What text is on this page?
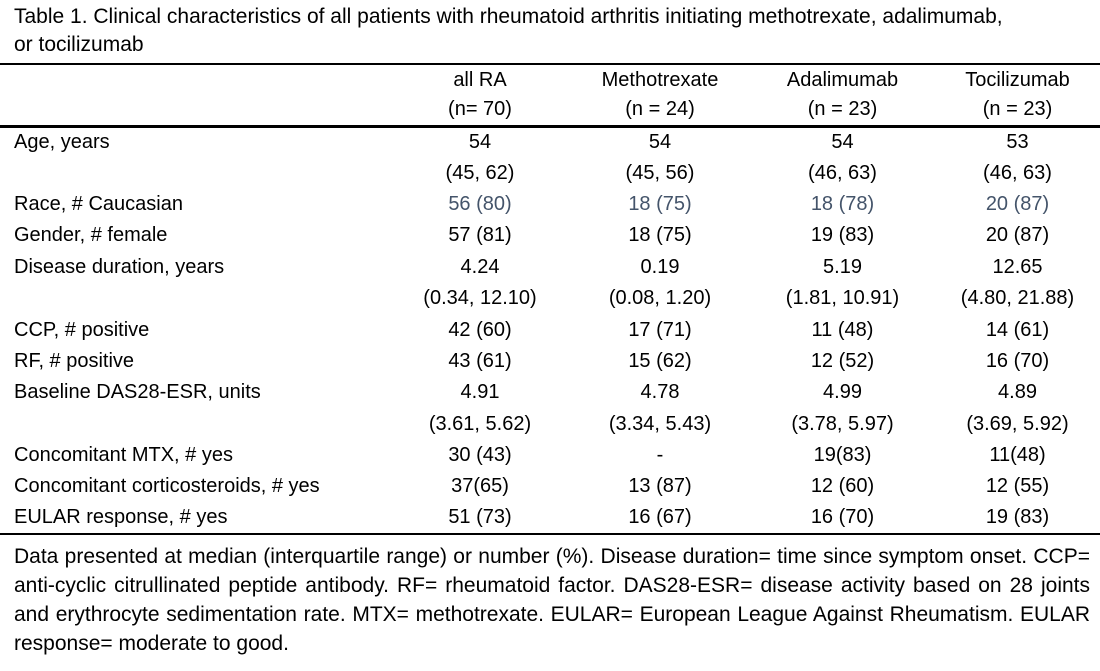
Table 1. Clinical characteristics of all patients with rheumatoid arthritis initiating methotrexate, adalimumab, or tocilizumab
	all RA	Methotrexate	Adalimumab	Tocilizumab
	(n= 70)	(n = 24)	(n = 23)	(n = 23)
Age, years	54	54	54	53
	(45, 62)	(45, 56)	(46, 63)	(46, 63)
Race, # Caucasian	56 (80)	18 (75)	18 (78)	20 (87)
Gender, # female	57 (81)	18 (75)	19 (83)	20 (87)
Disease duration, years	4.24	0.19	5.19	12.65
	(0.34, 12.10)	(0.08, 1.20)	(1.81, 10.91)	(4.80, 21.88)
CCP, # positive	42 (60)	17 (71)	11 (48)	14 (61)
RF, # positive	43 (61)	15 (62)	12 (52)	16 (70)
Baseline DAS28-ESR, units	4.91	4.78	4.99	4.89
	(3.61, 5.62)	(3.34, 5.43)	(3.78, 5.97)	(3.69, 5.92)
Concomitant MTX, # yes	30 (43)	-	19(83)	11(48)
Concomitant corticosteroids, # yes	37(65)	13 (87)	12 (60)	12 (55)
EULAR response, # yes	51 (73)	16 (67)	16 (70)	19 (83)
Data presented at median (interquartile range) or number (%). Disease duration= time since symptom onset. CCP= anti-cyclic citrullinated peptide antibody. RF= rheumatoid factor. DAS28-ESR= disease activity based on 28 joints and erythrocyte sedimentation rate. MTX= methotrexate. EULAR= European League Against Rheumatism. EULAR response= moderate to good.
